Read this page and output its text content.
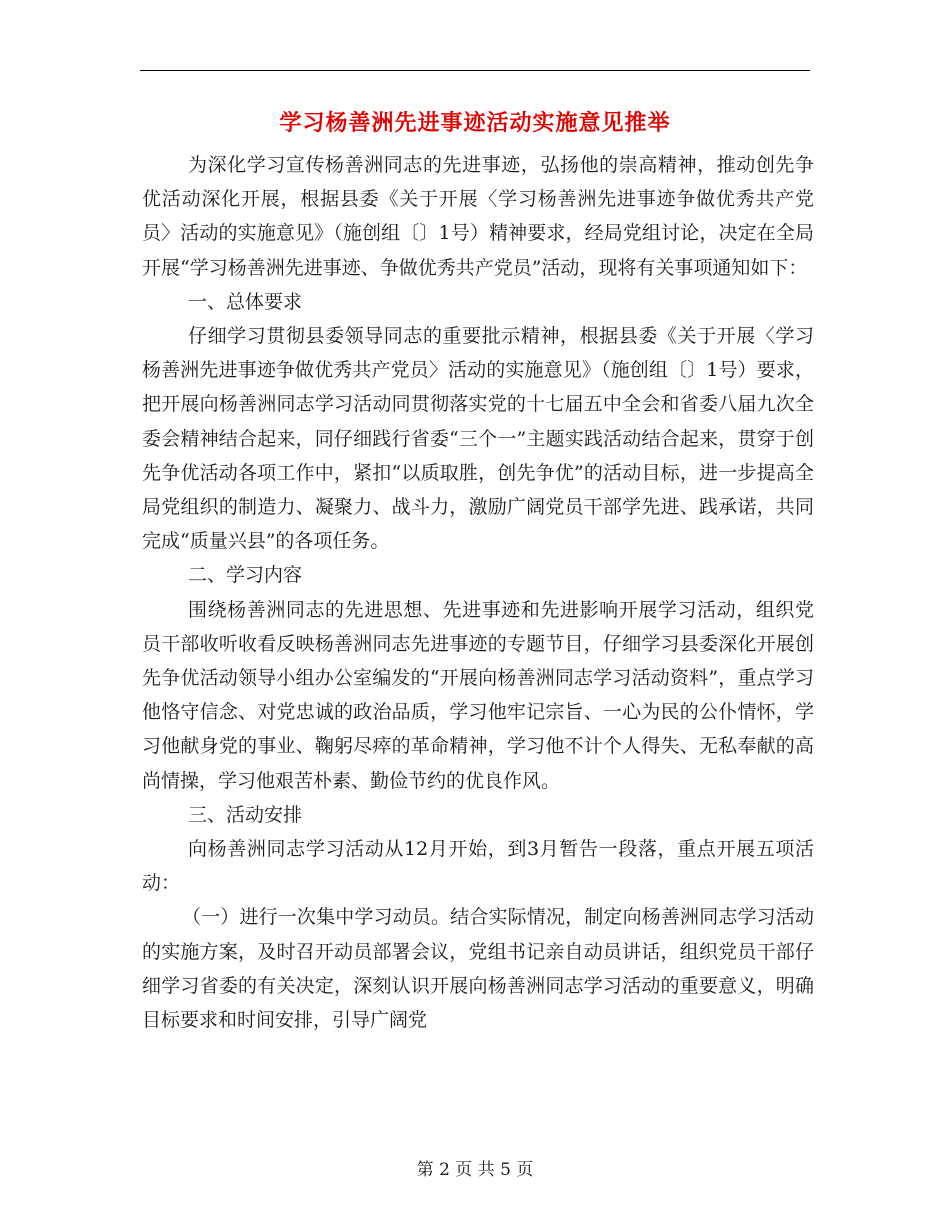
学习杨善洲先进事迹活动实施意见推举

为深化学习宣传杨善洲同志的先进事迹，弘扬他的崇高精神，推动创先争优活动深化开展，根据县委《关于开展〈学习杨善洲先进事迹争做优秀共产党员〉活动的实施意见》（施创组〔〕1号）精神要求，经局党组讨论，决定在全局开展“学习杨善洲先进事迹、争做优秀共产党员”活动，现将有关事项通知如下：

一、总体要求

仔细学习贯彻县委领导同志的重要批示精神，根据县委《关于开展〈学习杨善洲先进事迹争做优秀共产党员〉活动的实施意见》（施创组〔〕1号）要求，把开展向杨善洲同志学习活动同贯彻落实党的十七届五中全会和省委八届九次全委会精神结合起来，同仔细践行省委“三个一”主题实践活动结合起来，贯穿于创先争优活动各项工作中，紧扣“以质取胜，创先争优”的活动目标，进一步提高全局党组织的制造力、凝聚力、战斗力，激励广阔党员干部学先进、践承诺，共同完成“质量兴县”的各项任务。

二、学习内容

围绕杨善洲同志的先进思想、先进事迹和先进影响开展学习活动，组织党员干部收听收看反映杨善洲同志先进事迹的专题节目，仔细学习县委深化开展创先争优活动领导小组办公室编发的“开展向杨善洲同志学习活动资料”，重点学习他恪守信念、对党忠诚的政治品质，学习他牢记宗旨、一心为民的公仆情怀，学习他献身党的事业、鞠躬尽瘁的革命精神，学习他不计个人得失、无私奉献的高尚情操，学习他艰苦朴素、勤俭节约的优良作风。

三、活动安排

向杨善洲同志学习活动从12月开始，到3月暂告一段落，重点开展五项活动：

（一）进行一次集中学习动员。结合实际情况，制定向杨善洲同志学习活动的实施方案，及时召开动员部署会议，党组书记亲自动员讲话，组织党员干部仔细学习省委的有关决定，深刻认识开展向杨善洲同志学习活动的重要意义，明确目标要求和时间安排，引导广阔党

第 2 页 共 5 页
